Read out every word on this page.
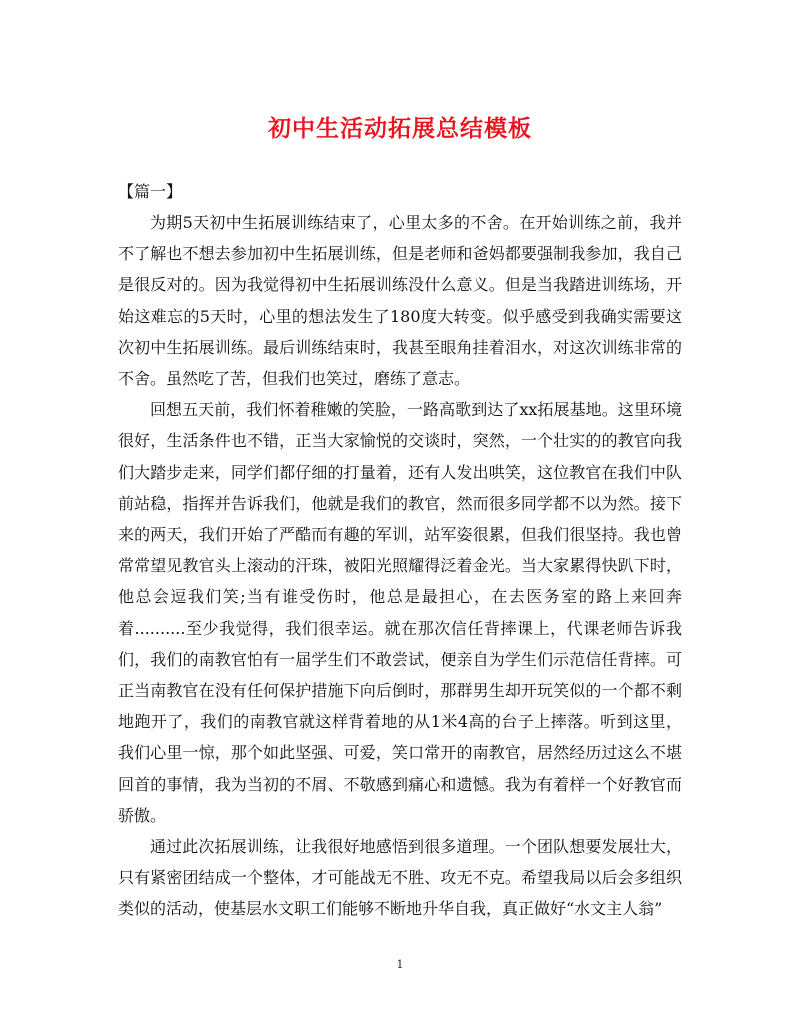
初中生活动拓展总结模板
【篇一】

为期5天初中生拓展训练结束了，心里太多的不舍。在开始训练之前，我并不了解也不想去参加初中生拓展训练，但是老师和爸妈都要强制我参加，我自己是很反对的。因为我觉得初中生拓展训练没什么意义。但是当我踏进训练场，开始这难忘的5天时，心里的想法发生了180度大转变。似乎感受到我确实需要这次初中生拓展训练。最后训练结束时，我甚至眼角挂着泪水，对这次训练非常的不舍。虽然吃了苦，但我们也笑过，磨练了意志。

回想五天前，我们怀着稚嫩的笑脸，一路高歌到达了xx拓展基地。这里环境很好，生活条件也不错，正当大家愉悦的交谈时，突然，一个壮实的的教官向我们大踏步走来，同学们都仔细的打量着，还有人发出哄笑，这位教官在我们中队前站稳，指挥并告诉我们，他就是我们的教官，然而很多同学都不以为然。接下来的两天，我们开始了严酷而有趣的军训，站军姿很累，但我们很坚持。我也曾常常望见教官头上滚动的汗珠，被阳光照耀得泛着金光。当大家累得快趴下时，他总会逗我们笑;当有谁受伤时，他总是最担心，在去医务室的路上来回奔着..........至少我觉得，我们很幸运。就在那次信任背摔课上，代课老师告诉我们，我们的南教官怕有一届学生们不敢尝试，便亲自为学生们示范信任背摔。可正当南教官在没有任何保护措施下向后倒时，那群男生却开玩笑似的一个都不剩地跑开了，我们的南教官就这样背着地的从1米4高的台子上摔落。听到这里，我们心里一惊，那个如此坚强、可爱，笑口常开的南教官，居然经历过这么不堪回首的事情，我为当初的不屑、不敬感到痛心和遗憾。我为有着样一个好教官而骄傲。

通过此次拓展训练，让我很好地感悟到很多道理。一个团队想要发展壮大，只有紧密团结成一个整体，才可能战无不胜、攻无不克。希望我局以后会多组织类似的活动，使基层水文职工们能够不断地升华自我，真正做好“水文主人翁”

1
